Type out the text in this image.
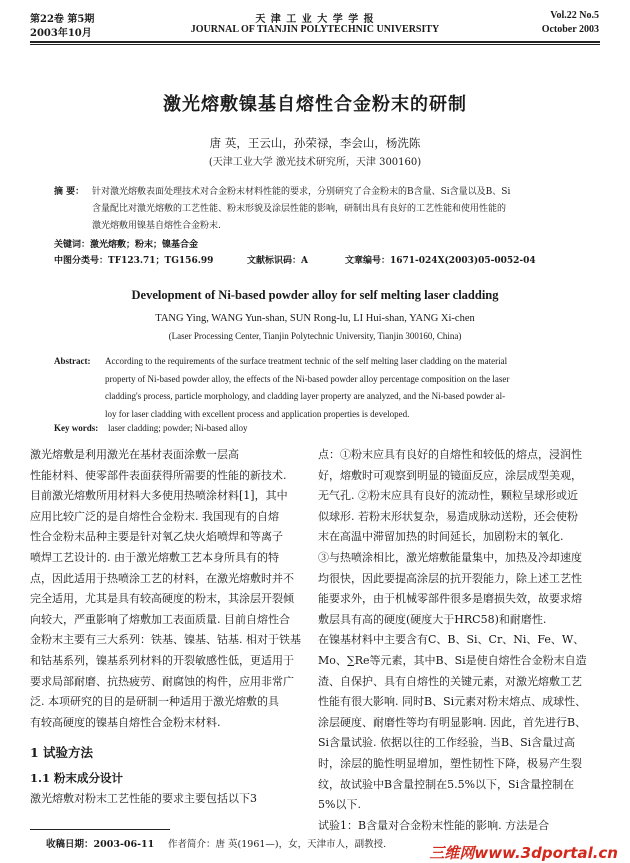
第22卷 第5期
2003年10月
天 津 工 业 大 学 学 报
JOURNAL OF TIANJIN POLYTECHNIC UNIVERSITY
Vol.22 No.5
October 2003
激光熔敷镍基自熔性合金粉末的研制
唐 英，王云山，孙荣禄，李会山，杨洗陈
(天津工业大学 激光技术研究所，天津 300160)
摘 要： 针对激光熔敷表面处理技术对合金粉末材料性能的要求，分别研究了合金粉末的B含量、Si含量以及B、Si
含量配比对激光熔敷的工艺性能、粉末形貌及涂层性能的影响，研制出具有良好的工艺性能和使用性能的
激光熔敷用镍基自熔性合金粉末.
关键词：激光熔敷；粉末；镍基合金
中图分类号：TF123.71；TG156.99	文献标识码：A	文章编号：1671-024X(2003)05-0052-04
Development of Ni-based powder alloy for self melting laser cladding
TANG Ying, WANG Yun-shan, SUN Rong-lu, LI Hui-shan, YANG Xi-chen
(Laser Processing Center, Tianjin Polytechnic University, Tianjin 300160, China)
Abstract: According to the requirements of the surface treatment technic of the self melting laser cladding on the material
property of Ni-based powder alloy, the effects of the Ni-based powder alloy percentage composition on the laser
cladding's process, particle morphology, and cladding layer property are analyzed, and the Ni-based powder al-
loy for laser cladding with excellent process and application properties is developed.
Key words: laser cladding; powder; Ni-based alloy
激光熔敷是利用激光在基材表面涂敷一层高
性能材料、使零部件表面获得所需要的性能的新技术.
目前激光熔敷所用材料大多使用热喷涂材料[1]，其中
应用比较广泛的是自熔性合金粉末. 我国现有的自熔
性合金粉末品种主要是针对氧乙炔火焰喷焊和等离子
喷焊工艺设计的. 由于激光熔敷工艺本身所具有的特
点，因此适用于热喷涂工艺的材料，在激光熔敷时并不
完全适用，尤其是具有较高硬度的粉末，其涂层开裂倾
向较大，严重影响了熔敷加工表面质量. 目前自熔性合
金粉末主要有三大系列：铁基、镍基、钴基. 相对于铁基
和钴基系列，镍基系列材料的开裂敏感性低，更适用于
要求局部耐磨、抗热疲劳、耐腐蚀的构件，应用非常广
泛. 本项研究的目的是研制一种适用于激光熔敷的具
有较高硬度的镍基自熔性合金粉末材料.
1 试验方法
1.1 粉末成分设计
激光熔敷对粉末工艺性能的要求主要包括以下3
点：①粉末应具有良好的自熔性和较低的熔点，浸润性
好，熔敷时可观察到明显的镜面反应，涂层成型美观，
无气孔. ②粉末应具有良好的流动性，颗粒呈球形或近
似球形. 若粉末形状复杂，易造成脉动送粉，还会使粉
末在高温中滞留加热的时间延长，加剧粉末的氧化.
③与热喷涂相比，激光熔敷能量集中，加热及冷却速度
均很快，因此要提高涂层的抗开裂能力，除上述工艺性
能要求外，由于机械零部件很多是磨损失效，故要求熔
敷层具有高的硬度(硬度大于HRC58)和耐磨性.
在镍基材料中主要含有C、B、Si、Cr、Ni、Fe、W、
Mo、∑Re等元素，其中B、Si是使自熔性合金粉末自造
渣、自保护、具有自熔性的关键元素，对激光熔敷工艺
性能有很大影响. 同时B、Si元素对粉末熔点、成球性、
涂层硬度、耐磨性等均有明显影响. 因此，首先进行B、
Si含量试验. 依据以往的工作经验，当B、Si含量过高
时，涂层的脆性明显增加，塑性韧性下降，极易产生裂
纹，故试验中B含量控制在5.5%以下，Si含量控制在
5%以下.
试验1：B含量对合金粉末性能的影响. 方法是合
收稿日期：2003-06-11 作者简介：唐 英(1961—)，女，天津市人，副教授.	三维网www.3dportal.cn
